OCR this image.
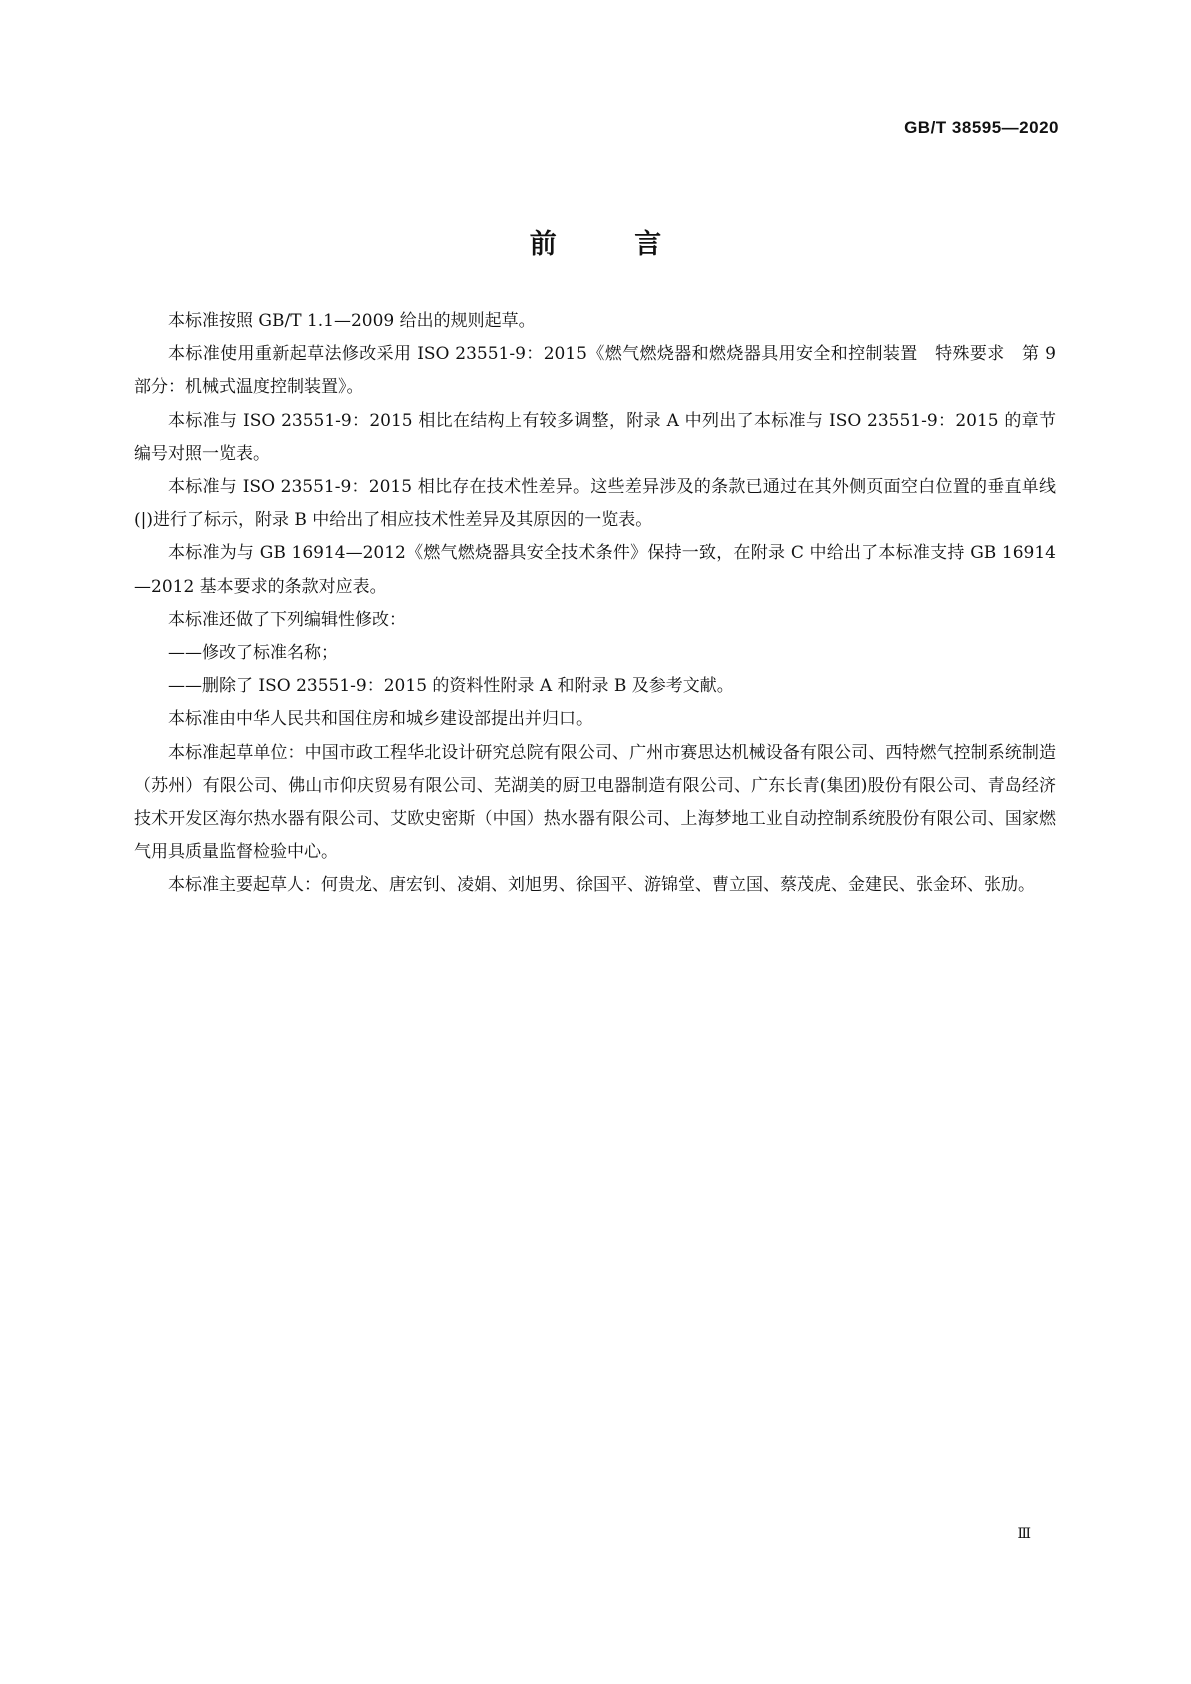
GB/T 38595—2020
前 言

本标准按照 GB/T 1.1—2009 给出的规则起草。

本标准使用重新起草法修改采用 ISO 23551-9：2015《燃气燃烧器和燃烧器具用安全和控制装置　特殊要求　第 9 部分：机械式温度控制装置》。

本标准与 ISO 23551-9：2015 相比在结构上有较多调整，附录 A 中列出了本标准与 ISO 23551-9：2015 的章节编号对照一览表。

本标准与 ISO 23551-9：2015 相比存在技术性差异。这些差异涉及的条款已通过在其外侧页面空白位置的垂直单线(|)进行了标示，附录 B 中给出了相应技术性差异及其原因的一览表。

本标准为与 GB 16914—2012《燃气燃烧器具安全技术条件》保持一致，在附录 C 中给出了本标准支持 GB 16914—2012 基本要求的条款对应表。

本标准还做了下列编辑性修改：

——修改了标准名称；

——删除了 ISO 23551-9：2015 的资料性附录 A 和附录 B 及参考文献。

本标准由中华人民共和国住房和城乡建设部提出并归口。

本标准起草单位：中国市政工程华北设计研究总院有限公司、广州市赛思达机械设备有限公司、西特燃气控制系统制造（苏州）有限公司、佛山市仰庆贸易有限公司、芜湖美的厨卫电器制造有限公司、广东长青(集团)股份有限公司、青岛经济技术开发区海尔热水器有限公司、艾欧史密斯（中国）热水器有限公司、上海梦地工业自动控制系统股份有限公司、国家燃气用具质量监督检验中心。

本标准主要起草人：何贵龙、唐宏钊、凌娟、刘旭男、徐国平、游锦堂、曹立国、蔡茂虎、金建民、张金环、张劢。

Ⅲ
